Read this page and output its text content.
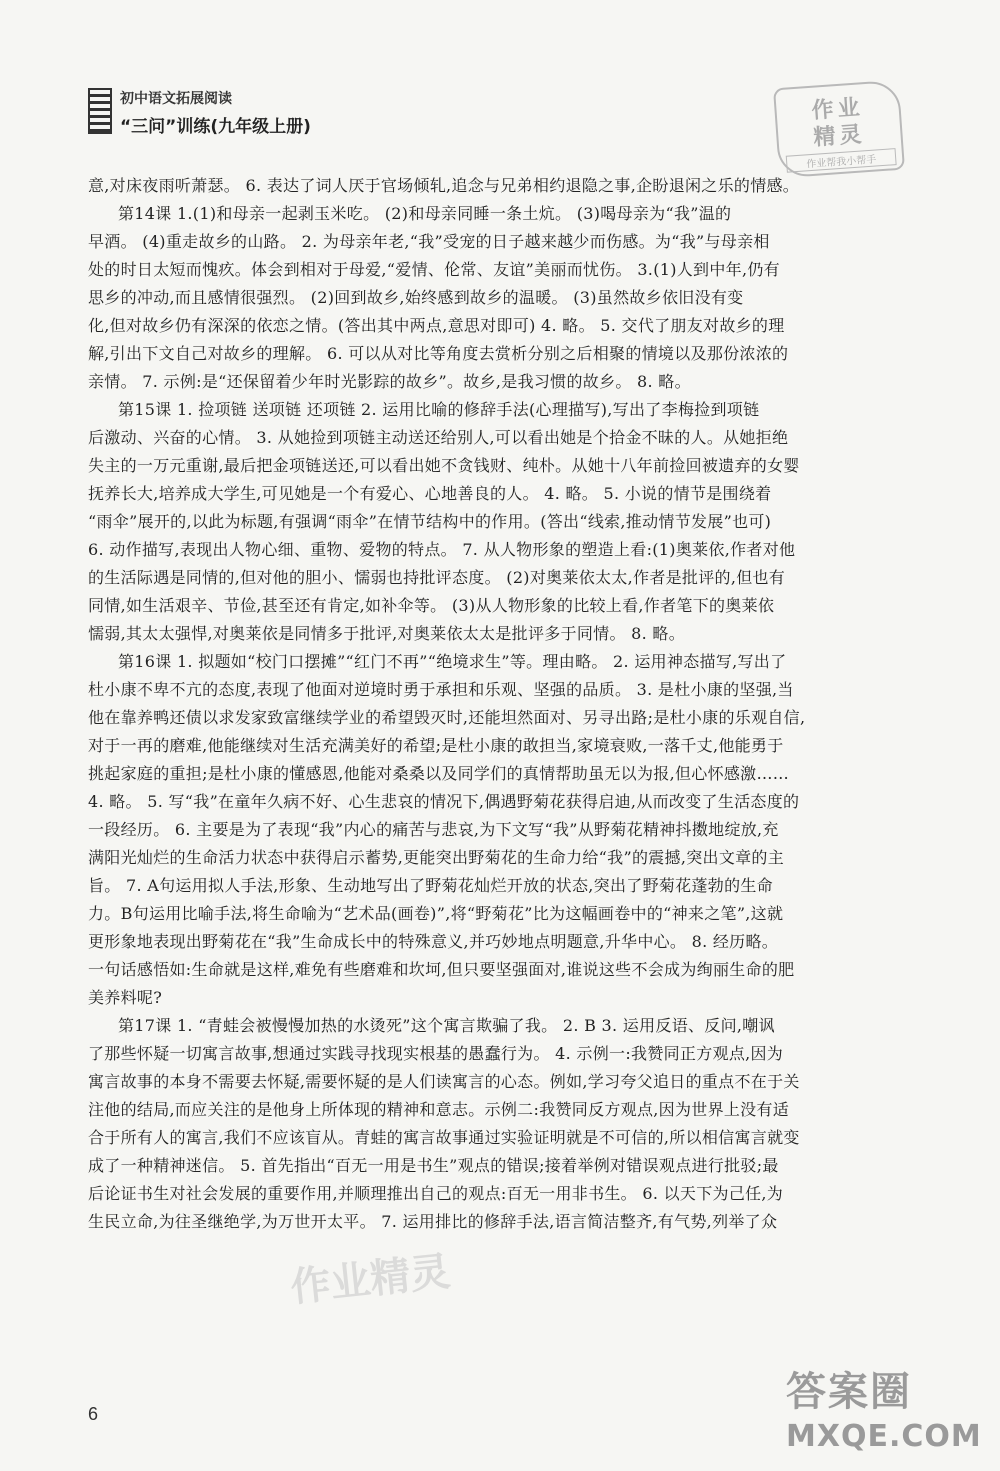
初中语文拓展阅读
“三问”训练(九年级上册)
作业
精灵
作业帮我小帮手
意,对床夜雨听萧瑟。 6. 表达了词人厌于官场倾轧,追念与兄弟相约退隐之事,企盼退闲之乐的情感。
第14课 1.(1)和母亲一起剥玉米吃。 (2)和母亲同睡一条土炕。 (3)喝母亲为“我”温的
早酒。 (4)重走故乡的山路。 2. 为母亲年老,“我”受宠的日子越来越少而伤感。为“我”与母亲相
处的时日太短而愧疚。体会到相对于母爱,“爱情、伦常、友谊”美丽而忧伤。 3.(1)人到中年,仍有
思乡的冲动,而且感情很强烈。 (2)回到故乡,始终感到故乡的温暖。 (3)虽然故乡依旧没有变
化,但对故乡仍有深深的依恋之情。(答出其中两点,意思对即可) 4. 略。 5. 交代了朋友对故乡的理
解,引出下文自己对故乡的理解。 6. 可以从对比等角度去赏析分别之后相聚的情境以及那份浓浓的
亲情。 7. 示例:是“还保留着少年时光影踪的故乡”。故乡,是我习惯的故乡。 8. 略。
第15课 1. 捡项链 送项链 还项链 2. 运用比喻的修辞手法(心理描写),写出了李梅捡到项链
后激动、兴奋的心情。 3. 从她捡到项链主动送还给别人,可以看出她是个拾金不昧的人。从她拒绝
失主的一万元重谢,最后把金项链送还,可以看出她不贪钱财、纯朴。从她十八年前捡回被遗弃的女婴
抚养长大,培养成大学生,可见她是一个有爱心、心地善良的人。 4. 略。 5. 小说的情节是围绕着
“雨伞”展开的,以此为标题,有强调“雨伞”在情节结构中的作用。(答出“线索,推动情节发展”也可)
6. 动作描写,表现出人物心细、重物、爱物的特点。 7. 从人物形象的塑造上看:(1)奥莱依,作者对他
的生活际遇是同情的,但对他的胆小、懦弱也持批评态度。 (2)对奥莱依太太,作者是批评的,但也有
同情,如生活艰辛、节俭,甚至还有肯定,如补伞等。 (3)从人物形象的比较上看,作者笔下的奥莱依
懦弱,其太太强悍,对奥莱依是同情多于批评,对奥莱依太太是批评多于同情。 8. 略。
第16课 1. 拟题如“校门口摆摊”“红门不再”“绝境求生”等。理由略。 2. 运用神态描写,写出了
杜小康不卑不亢的态度,表现了他面对逆境时勇于承担和乐观、坚强的品质。 3. 是杜小康的坚强,当
他在靠养鸭还债以求发家致富继续学业的希望毁灭时,还能坦然面对、另寻出路;是杜小康的乐观自信,
对于一再的磨难,他能继续对生活充满美好的希望;是杜小康的敢担当,家境衰败,一落千丈,他能勇于
挑起家庭的重担;是杜小康的懂感恩,他能对桑桑以及同学们的真情帮助虽无以为报,但心怀感激……
4. 略。 5. 写“我”在童年久病不好、心生悲哀的情况下,偶遇野菊花获得启迪,从而改变了生活态度的
一段经历。 6. 主要是为了表现“我”内心的痛苦与悲哀,为下文写“我”从野菊花精神抖擞地绽放,充
满阳光灿烂的生命活力状态中获得启示蓄势,更能突出野菊花的生命力给“我”的震撼,突出文章的主
旨。 7. A句运用拟人手法,形象、生动地写出了野菊花灿烂开放的状态,突出了野菊花蓬勃的生命
力。B句运用比喻手法,将生命喻为“艺术品(画卷)”,将“野菊花”比为这幅画卷中的“神来之笔”,这就
更形象地表现出野菊花在“我”生命成长中的特殊意义,并巧妙地点明题意,升华中心。 8. 经历略。
一句话感悟如:生命就是这样,难免有些磨难和坎坷,但只要坚强面对,谁说这些不会成为绚丽生命的肥
美养料呢?
第17课 1. “青蛙会被慢慢加热的水烫死”这个寓言欺骗了我。 2. B 3. 运用反语、反问,嘲讽
了那些怀疑一切寓言故事,想通过实践寻找现实根基的愚蠢行为。 4. 示例一:我赞同正方观点,因为
寓言故事的本身不需要去怀疑,需要怀疑的是人们读寓言的心态。例如,学习夸父追日的重点不在于关
注他的结局,而应关注的是他身上所体现的精神和意志。示例二:我赞同反方观点,因为世界上没有适
合于所有人的寓言,我们不应该盲从。青蛙的寓言故事通过实验证明就是不可信的,所以相信寓言就变
成了一种精神迷信。 5. 首先指出“百无一用是书生”观点的错误;接着举例对错误观点进行批驳;最
后论证书生对社会发展的重要作用,并顺理推出自己的观点:百无一用非书生。 6. 以天下为己任,为
生民立命,为往圣继绝学,为万世开太平。 7. 运用排比的修辞手法,语言简洁整齐,有气势,列举了众
作业精灵
6	答案圈
MXQE.COM
